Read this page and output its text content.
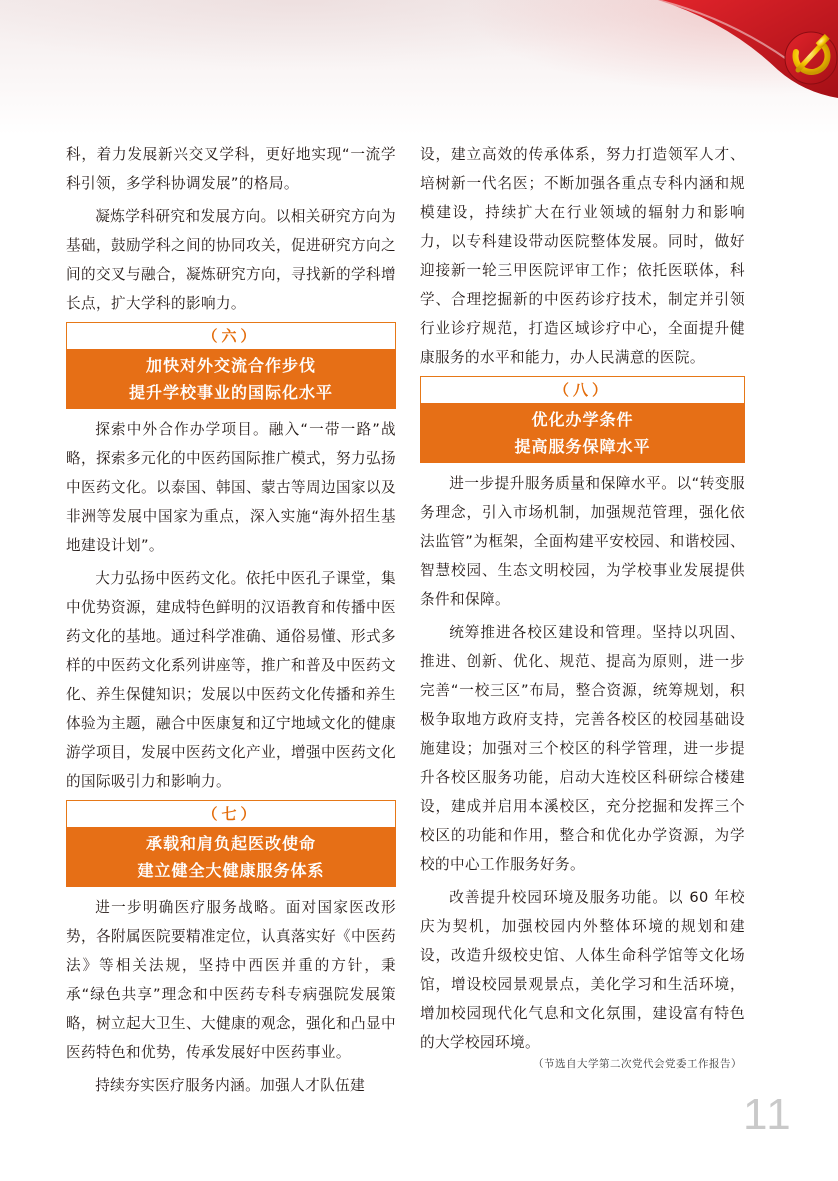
科，着力发展新兴交叉学科，更好地实现“一流学科引领，多学科协调发展”的格局。

凝炼学科研究和发展方向。以相关研究方向为基础，鼓励学科之间的协同攻关，促进研究方向之间的交叉与融合，凝炼研究方向，寻找新的学科增长点，扩大学科的影响力。

（六）
加快对外交流合作步伐
提升学校事业的国际化水平

探索中外合作办学项目。融入“一带一路”战略，探索多元化的中医药国际推广模式，努力弘扬中医药文化。以泰国、韩国、蒙古等周边国家以及非洲等发展中国家为重点，深入实施“海外招生基地建设计划”。

大力弘扬中医药文化。依托中医孔子课堂，集中优势资源，建成特色鲜明的汉语教育和传播中医药文化的基地。通过科学准确、通俗易懂、形式多样的中医药文化系列讲座等，推广和普及中医药文化、养生保健知识；发展以中医药文化传播和养生体验为主题，融合中医康复和辽宁地域文化的健康游学项目，发展中医药文化产业，增强中医药文化的国际吸引力和影响力。

（七）
承载和肩负起医改使命
建立健全大健康服务体系

进一步明确医疗服务战略。面对国家医改形势，各附属医院要精准定位，认真落实好《中医药法》等相关法规，坚持中西医并重的方针，秉承“绿色共享”理念和中医药专科专病强院发展策略，树立起大卫生、大健康的观念，强化和凸显中医药特色和优势，传承发展好中医药事业。

持续夯实医疗服务内涵。加强人才队伍建

设，建立高效的传承体系，努力打造领军人才、培树新一代名医；不断加强各重点专科内涵和规模建设，持续扩大在行业领域的辐射力和影响力，以专科建设带动医院整体发展。同时，做好迎接新一轮三甲医院评审工作；依托医联体，科学、合理挖掘新的中医药诊疗技术，制定并引领行业诊疗规范，打造区域诊疗中心，全面提升健康服务的水平和能力，办人民满意的医院。

（八）
优化办学条件
提高服务保障水平

进一步提升服务质量和保障水平。以“转变服务理念，引入市场机制，加强规范管理，强化依法监管”为框架，全面构建平安校园、和谐校园、智慧校园、生态文明校园，为学校事业发展提供条件和保障。

统筹推进各校区建设和管理。坚持以巩固、推进、创新、优化、规范、提高为原则，进一步完善“一校三区”布局，整合资源，统筹规划，积极争取地方政府支持，完善各校区的校园基础设施建设；加强对三个校区的科学管理，进一步提升各校区服务功能，启动大连校区科研综合楼建设，建成并启用本溪校区，充分挖掘和发挥三个校区的功能和作用，整合和优化办学资源，为学校的中心工作服务好务。

改善提升校园环境及服务功能。以 60 年校庆为契机，加强校园内外整体环境的规划和建设，改造升级校史馆、人体生命科学馆等文化场馆，增设校园景观景点，美化学习和生活环境，增加校园现代化气息和文化氛围，建设富有特色的大学校园环境。

（节选自大学第二次党代会党委工作报告）
11
